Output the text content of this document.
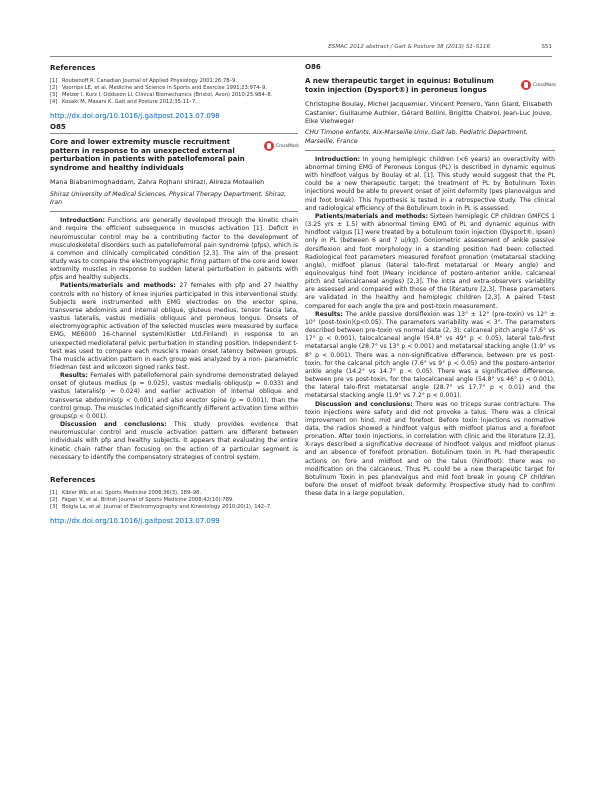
ESMAC 2012 abstract / Gait & Posture 38 (2013) S1–S116	S51
References
[1] Roubenoff R. Canadian Journal of Applied Physiology 2001;26:78–9.
[2] Voorrips LE, et al. Medicine and Science in Sports and Exercise 1991;23:974–9.
[3] Melzer I, Kurz I, Oddsson LI. Clinical Biomechanics (Bristol, Avon) 2010;25:984–8.
[4] Kosaki M, Masani K. Gait and Posture 2012;35:11–7.
http://dx.doi.org/10.1016/j.gaitpost.2013.07.098
O85

Core and lower extremity muscle recruitment pattern in response to an unexpected external perturbation in patients with patellofemoral pain syndrome and healthy individuals

CrossMark
Mana Biabanimoghaddam, Zahra Rojhani shirazi, Alireza Motealleh
Shiraz University of Medical Sciences, Physical Therapy Department, Shiraz, Iran

Introduction: Functions are generally developed through the kinetic chain and require the efficient subsequence in muscles activation [1]. Deficit in neuromuscular control may be a contributing factor to the development of musculoskeletal disorders such as patellofemoral pain syndrome (pfps), which is a common and clinically complicated condition [2,3]. The aim of the present study was to compare the electromyographic firing pattern of the core and lower extremity muscles in response to sudden lateral perturbation in patients with pfps and healthy subjects.

Patients/materials and methods: 27 females with pfp and 27 healthy controls with no history of knee injuries participated in this interventional study. Subjects were instrumented with EMG electrodes on the erector spine, transverse abdominis and internal oblique, gluteus medius, tensor fascia lata, vastus lateralis, vastus medialis obliquus and peroneus longus. Onsets of electromyographic activation of the selected muscles were measured by surface EMG, ME6000 16-channel system(Kistler Ltd.Finland) in response to an unexpected mediolateral pelvic perturbation in standing position. Independent t-test was used to compare each muscle's mean onset latency between groups. The muscle activation pattern in each group was analyzed by a non- parametric friedman test and wilcoxon signed ranks test.

Results: Females with patellofemoral pain syndrome demonstrated delayed onset of gluteus medius (p = 0.025), vastus medialis obliqus(p = 0.033) and vastus lateralis(p = 0.024) and earlier activation of internal oblique and transverse abdominis(p < 0.001) and also erector spine (p = 0.001), than the control group. The muscles indicated significantly different activation time within groups(p < 0.001).

Discussion and conclusions: This study provides evidence that neuromuscular control and muscle activation pattern are different between individuals with pfp and healthy subjects. It appears that evaluating the entire kinetic chain rather than focusing on the action of a particular segment is necessary to identify the compensatory strategies of control system.

References
[1] Kibler Wb, et al. Sports Medicine 2008;36(3), 189–98.
[2] Fagan V, et al. British Journal of Sports Medicine 2008;42(10):789.
[3] Boigla La, et al. Journal of Electromyography and Kinesiology 2010;20(1), 142–7.
http://dx.doi.org/10.1016/j.gaitpost.2013.07.099
O86

A new therapeutic target in equinus: Botulinum toxin injection (Dysport®) in peroneus longus

CrossMark
Christophe Boulay, Michel Jacquemier, Vincent Pomero, Yann Glard, Elisabeth Castanier, Guillaume Authier, Gérard Bollini, Brigitte Chabrol, Jean-Luc Jouve, Elke Viehweger
CHU Timone enfants, Aix-Marseille Univ, Gait lab, Pediatric Department, Marseille, France

Introduction: In young hemiplegic children (<6 years) an overactivity with abnormal timing EMG of Peroneus Longus (PL) is described in dynamic equinus with hindfoot valgus by Boulay et al. [1]. This study would suggest that the PL could be a new therapeutic target: the treatment of PL by Botulinum Toxin injections would be able to prevent onset of joint deformity (pes planovalgus and mid foot break). This hypothesis is tested in a retrospective study. The clinical and radiological efficiency of the Botulinum toxin in PL is assessed.

Patients/materials and methods: Sixteen hemiplegic CP children GMFCS 1 (3.25 yrs ± 1.5) with abnormal timing EMG of PL and dynamic equinus with hindfoot valgus [1] were treated by a botulinum toxin injection (Dysport®, Ipsen) only in PL (between 6 and 7 ui/kg). Goniometric assessment of ankle passive dorsiflexion and foot morphology in a standing position had been collected. Radiological foot parameters measured forefoot pronation (metatarsal stacking angle), midfoot planus (lateral talo-first metatarsal or Meary angle) and equinovalgus hind foot (Meary incidence of postero-anterior ankle, calcaneal pitch and talocalcaneal angles) [2,3]. The intra and extra-observers variability are assessed and compared with those of the literature [2,3]. These parameters are validated in the healthy and hemiplegic children [2,3]. A paired T-test compared for each angle the pre and post-toxin measurement.

Results: The ankle passive dorsiflexion was 13° ± 12° (pre-toxin) vs 12° ± 10° (post-toxin)(p<0.05). The parameters variability was < 3°. The parameters described between pre-toxin vs normal data (2, 3): calcaneal pitch angle (7.6° vs 17° p < 0.001), talocalcaneal angle (54.8° vs 49° p < 0.05), lateral talo-first metatarsal angle (28.7° vs 13° p < 0.001) and metatarsal stacking angle (1.9° vs 8° p < 0.001). There was a non-significative difference, between pre vs post-toxin, for the calcanal pitch angle (7.6° vs 9° p < 0.05) and the postero-anterior ankle angle (14.2° vs 14.7° p < 0.05). There was a significative difference, between pre vs post-toxin, for the talocalcaneal angle (54.8° vs 46° p < 0.001), the lateral talo-first metatarsal angle (28.7° vs 17.7° p < 0.01) and the metatarsal stacking angle (1.9° vs 7.2° p < 0.001).

Discussion and conclusions: There was no triceps surae contracture. The toxin injections were safety and did not provoke a talus. There was a clinical improvement on hind, mid and forefoot. Before toxin injections vs normative data, the radios showed a hindfoot valgus with midfoot planus and a forefoot pronation. After toxin injections, in correlation with clinic and the literature [2,3], X-rays described a significative decrease of hindfoot valgus and midfoot planus and an absence of forefoot pronation. Botulinum toxin in PL had therapeutic actions on fore and midfoot and on the talus (hindfoot): there was no modification on the calcaneus. Thus PL could be a new therapeutic target for Botulinum Toxin in pes planovalgus and mid foot break in young CP children before the onset of midfoot break deformity. Prospective study had to confirm these data in a large population.
